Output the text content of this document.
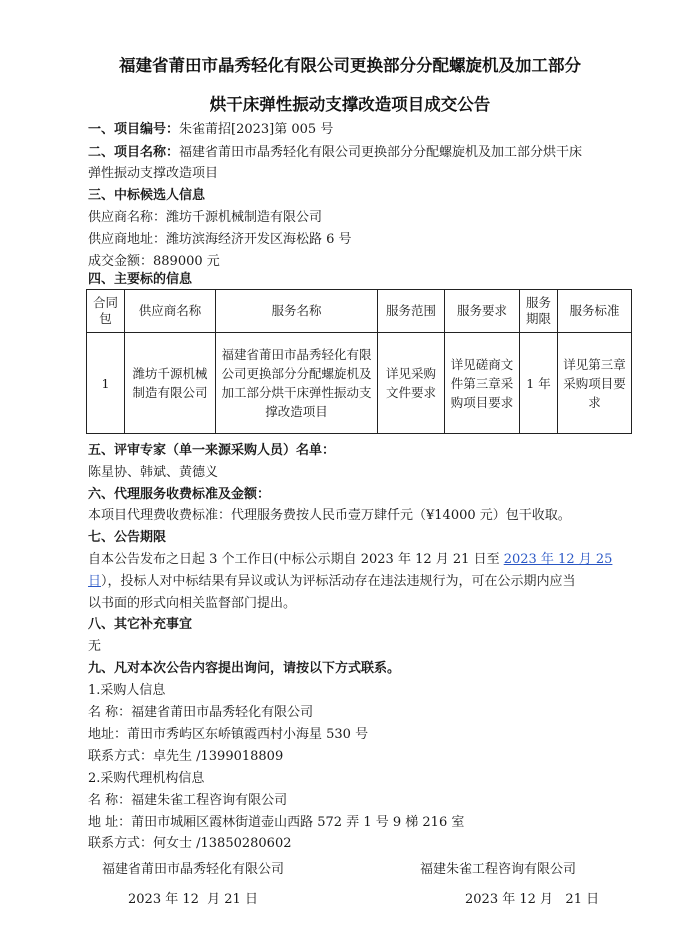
福建省莆田市晶秀轻化有限公司更换部分分配螺旋机及加工部分
烘干床弹性振动支撑改造项目成交公告
一、项目编号：朱雀莆招[2023]第 005 号
二、项目名称：福建省莆田市晶秀轻化有限公司更换部分分配螺旋机及加工部分烘干床
弹性振动支撑改造项目
三、中标候选人信息
供应商名称：潍坊千源机械制造有限公司
供应商地址：潍坊滨海经济开发区海松路 6 号
成交金额：889000 元
四、主要标的信息
合同包	供应商名称	服务名称	服务范围	服务要求	服务期限	服务标准
1	潍坊千源机械制造有限公司	福建省莆田市晶秀轻化有限公司更换部分分配螺旋机及加工部分烘干床弹性振动支撑改造项目	详见采购文件要求	详见磋商文件第三章采购项目要求	1 年	详见第三章采购项目要求
五、评审专家（单一来源采购人员）名单：
陈星协、韩斌、黄德义
六、代理服务收费标准及金额：
本项目代理费收费标准：代理服务费按人民币壹万肆仟元（¥14000 元）包干收取。
七、公告期限
自本公告发布之日起 3 个工作日(中标公示期自 2023 年 12 月 21 日至 2023 年 12 月 25
日），投标人对中标结果有异议或认为评标活动存在违法违规行为，可在公示期内应当
以书面的形式向相关监督部门提出。
八、其它补充事宜
无
九、凡对本次公告内容提出询问，请按以下方式联系。
1.采购人信息
名 称：福建省莆田市晶秀轻化有限公司
地址：莆田市秀屿区东峤镇霞西村小海星 530 号
联系方式：卓先生 /1399018809
2.采购代理机构信息
名 称：福建朱雀工程咨询有限公司
地 址：莆田市城厢区霞林街道壶山西路 572 弄 1 号 9 梯 216 室
联系方式：何女士 /13850280602
福建省莆田市晶秀轻化有限公司	福建朱雀工程咨询有限公司
2023 年 12  月 21 日	2023 年 12 月   21 日
